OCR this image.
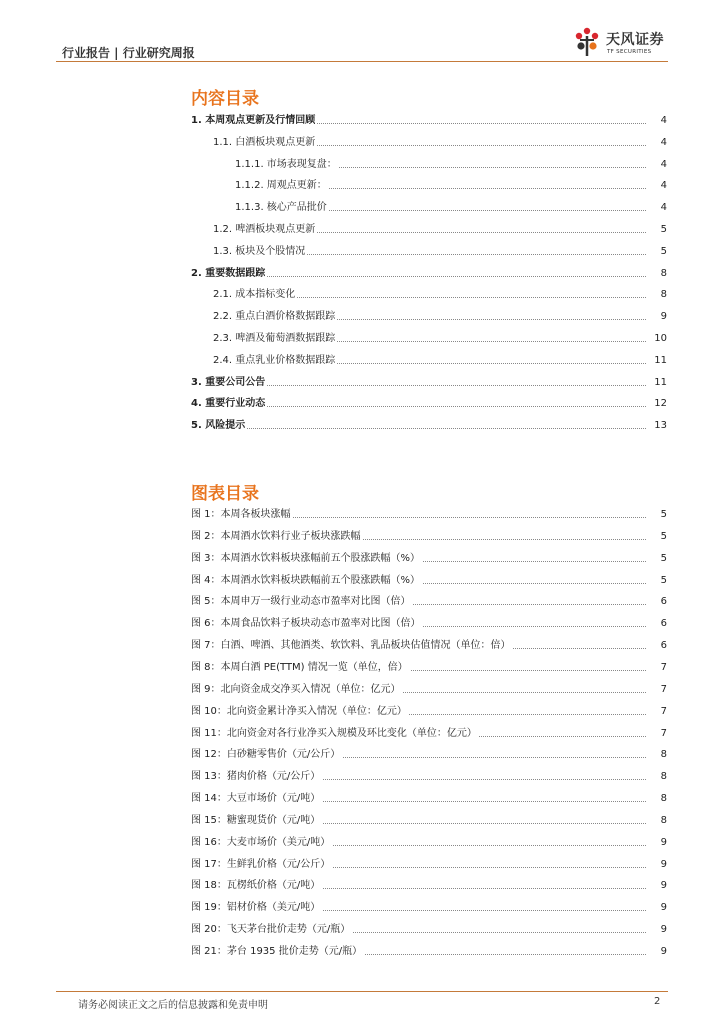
行业报告 | 行业研究周报
天风证券
TF SECURITIES
内容目录
1. 本周观点更新及行情回顾	4
1.1. 白酒板块观点更新	4
1.1.1. 市场表现复盘：	4
1.1.2. 周观点更新：	4
1.1.3. 核心产品批价	4
1.2. 啤酒板块观点更新	5
1.3. 板块及个股情况	5
2. 重要数据跟踪	8
2.1. 成本指标变化	8
2.2. 重点白酒价格数据跟踪	9
2.3. 啤酒及葡萄酒数据跟踪	10
2.4. 重点乳业价格数据跟踪	11
3. 重要公司公告	11
4. 重要行业动态	12
5. 风险提示	13
图表目录
图 1：本周各板块涨幅	5
图 2：本周酒水饮料行业子板块涨跌幅	5
图 3：本周酒水饮料板块涨幅前五个股涨跌幅（%）	5
图 4：本周酒水饮料板块跌幅前五个股涨跌幅（%）	5
图 5：本周申万一级行业动态市盈率对比图（倍）	6
图 6：本周食品饮料子板块动态市盈率对比图（倍）	6
图 7：白酒、啤酒、其他酒类、软饮料、乳品板块估值情况（单位：倍）	6
图 8：本周白酒 PE(TTM) 情况一览（单位，倍）	7
图 9：北向资金成交净买入情况（单位：亿元）	7
图 10：北向资金累计净买入情况（单位：亿元）	7
图 11：北向资金对各行业净买入规模及环比变化（单位：亿元）	7
图 12：白砂糖零售价（元/公斤）	8
图 13：猪肉价格（元/公斤）	8
图 14：大豆市场价（元/吨）	8
图 15：糖蜜现货价（元/吨）	8
图 16：大麦市场价（美元/吨）	9
图 17：生鲜乳价格（元/公斤）	9
图 18：瓦楞纸价格（元/吨）	9
图 19：铝材价格（美元/吨）	9
图 20：飞天茅台批价走势（元/瓶）	9
图 21：茅台 1935 批价走势（元/瓶）	9
请务必阅读正文之后的信息披露和免责申明	2
